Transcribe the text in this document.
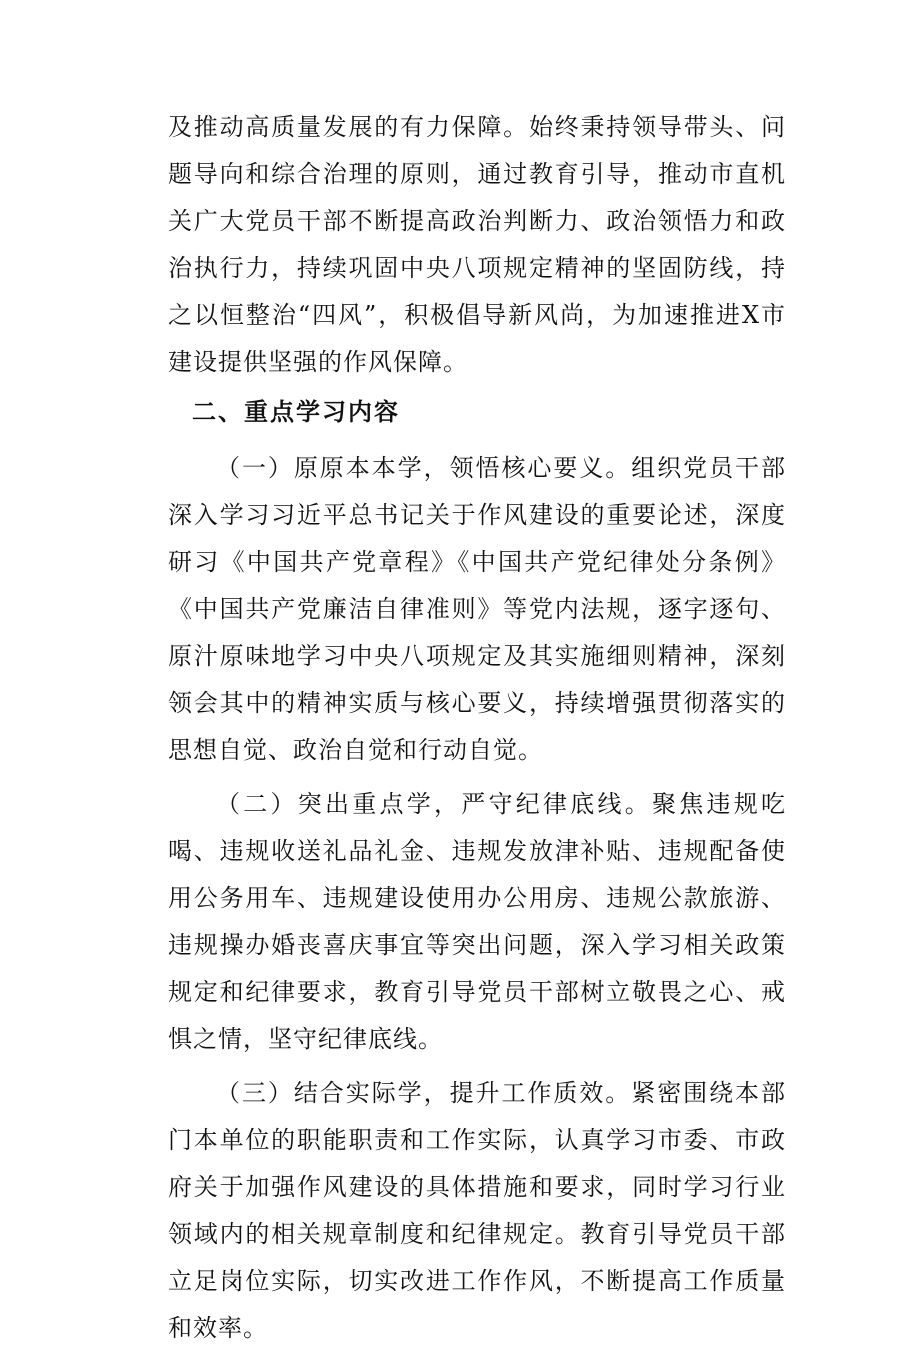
及推动高质量发展的有力保障。始终秉持领导带头、问题导向和综合治理的原则，通过教育引导，推动市直机关广大党员干部不断提高政治判断力、政治领悟力和政治执行力，持续巩固中央八项规定精神的坚固防线，持之以恒整治“四风”，积极倡导新风尚，为加速推进X市建设提供坚强的作风保障。

二、重点学习内容

（一）原原本本学，领悟核心要义。组织党员干部深入学习习近平总书记关于作风建设的重要论述，深度研习《中国共产党章程》《中国共产党纪律处分条例》《中国共产党廉洁自律准则》等党内法规，逐字逐句、原汁原味地学习中央八项规定及其实施细则精神，深刻领会其中的精神实质与核心要义，持续增强贯彻落实的思想自觉、政治自觉和行动自觉。

（二）突出重点学，严守纪律底线。聚焦违规吃喝、违规收送礼品礼金、违规发放津补贴、违规配备使用公务用车、违规建设使用办公用房、违规公款旅游、违规操办婚丧喜庆事宜等突出问题，深入学习相关政策规定和纪律要求，教育引导党员干部树立敬畏之心、戒惧之情，坚守纪律底线。

（三）结合实际学，提升工作质效。紧密围绕本部门本单位的职能职责和工作实际，认真学习市委、市政府关于加强作风建设的具体措施和要求，同时学习行业领域内的相关规章制度和纪律规定。教育引导党员干部立足岗位实际，切实改进工作作风，不断提高工作质量和效率。
